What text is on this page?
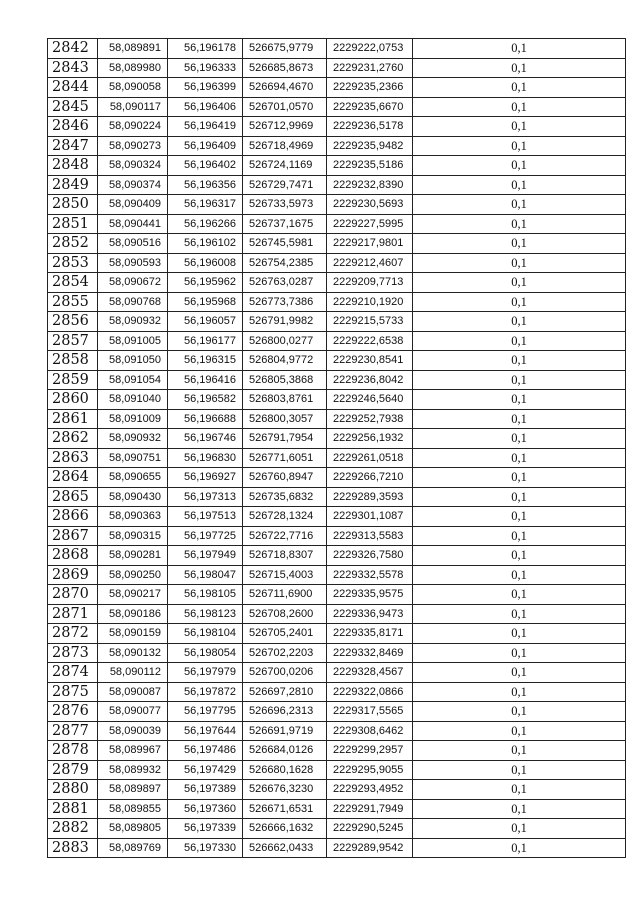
2842	58,089891	56,196178	526675,9779	2229222,0753	0,1
2843	58,089980	56,196333	526685,8673	2229231,2760	0,1
2844	58,090058	56,196399	526694,4670	2229235,2366	0,1
2845	58,090117	56,196406	526701,0570	2229235,6670	0,1
2846	58,090224	56,196419	526712,9969	2229236,5178	0,1
2847	58,090273	56,196409	526718,4969	2229235,9482	0,1
2848	58,090324	56,196402	526724,1169	2229235,5186	0,1
2849	58,090374	56,196356	526729,7471	2229232,8390	0,1
2850	58,090409	56,196317	526733,5973	2229230,5693	0,1
2851	58,090441	56,196266	526737,1675	2229227,5995	0,1
2852	58,090516	56,196102	526745,5981	2229217,9801	0,1
2853	58,090593	56,196008	526754,2385	2229212,4607	0,1
2854	58,090672	56,195962	526763,0287	2229209,7713	0,1
2855	58,090768	56,195968	526773,7386	2229210,1920	0,1
2856	58,090932	56,196057	526791,9982	2229215,5733	0,1
2857	58,091005	56,196177	526800,0277	2229222,6538	0,1
2858	58,091050	56,196315	526804,9772	2229230,8541	0,1
2859	58,091054	56,196416	526805,3868	2229236,8042	0,1
2860	58,091040	56,196582	526803,8761	2229246,5640	0,1
2861	58,091009	56,196688	526800,3057	2229252,7938	0,1
2862	58,090932	56,196746	526791,7954	2229256,1932	0,1
2863	58,090751	56,196830	526771,6051	2229261,0518	0,1
2864	58,090655	56,196927	526760,8947	2229266,7210	0,1
2865	58,090430	56,197313	526735,6832	2229289,3593	0,1
2866	58,090363	56,197513	526728,1324	2229301,1087	0,1
2867	58,090315	56,197725	526722,7716	2229313,5583	0,1
2868	58,090281	56,197949	526718,8307	2229326,7580	0,1
2869	58,090250	56,198047	526715,4003	2229332,5578	0,1
2870	58,090217	56,198105	526711,6900	2229335,9575	0,1
2871	58,090186	56,198123	526708,2600	2229336,9473	0,1
2872	58,090159	56,198104	526705,2401	2229335,8171	0,1
2873	58,090132	56,198054	526702,2203	2229332,8469	0,1
2874	58,090112	56,197979	526700,0206	2229328,4567	0,1
2875	58,090087	56,197872	526697,2810	2229322,0866	0,1
2876	58,090077	56,197795	526696,2313	2229317,5565	0,1
2877	58,090039	56,197644	526691,9719	2229308,6462	0,1
2878	58,089967	56,197486	526684,0126	2229299,2957	0,1
2879	58,089932	56,197429	526680,1628	2229295,9055	0,1
2880	58,089897	56,197389	526676,3230	2229293,4952	0,1
2881	58,089855	56,197360	526671,6531	2229291,7949	0,1
2882	58,089805	56,197339	526666,1632	2229290,5245	0,1
2883	58,089769	56,197330	526662,0433	2229289,9542	0,1
